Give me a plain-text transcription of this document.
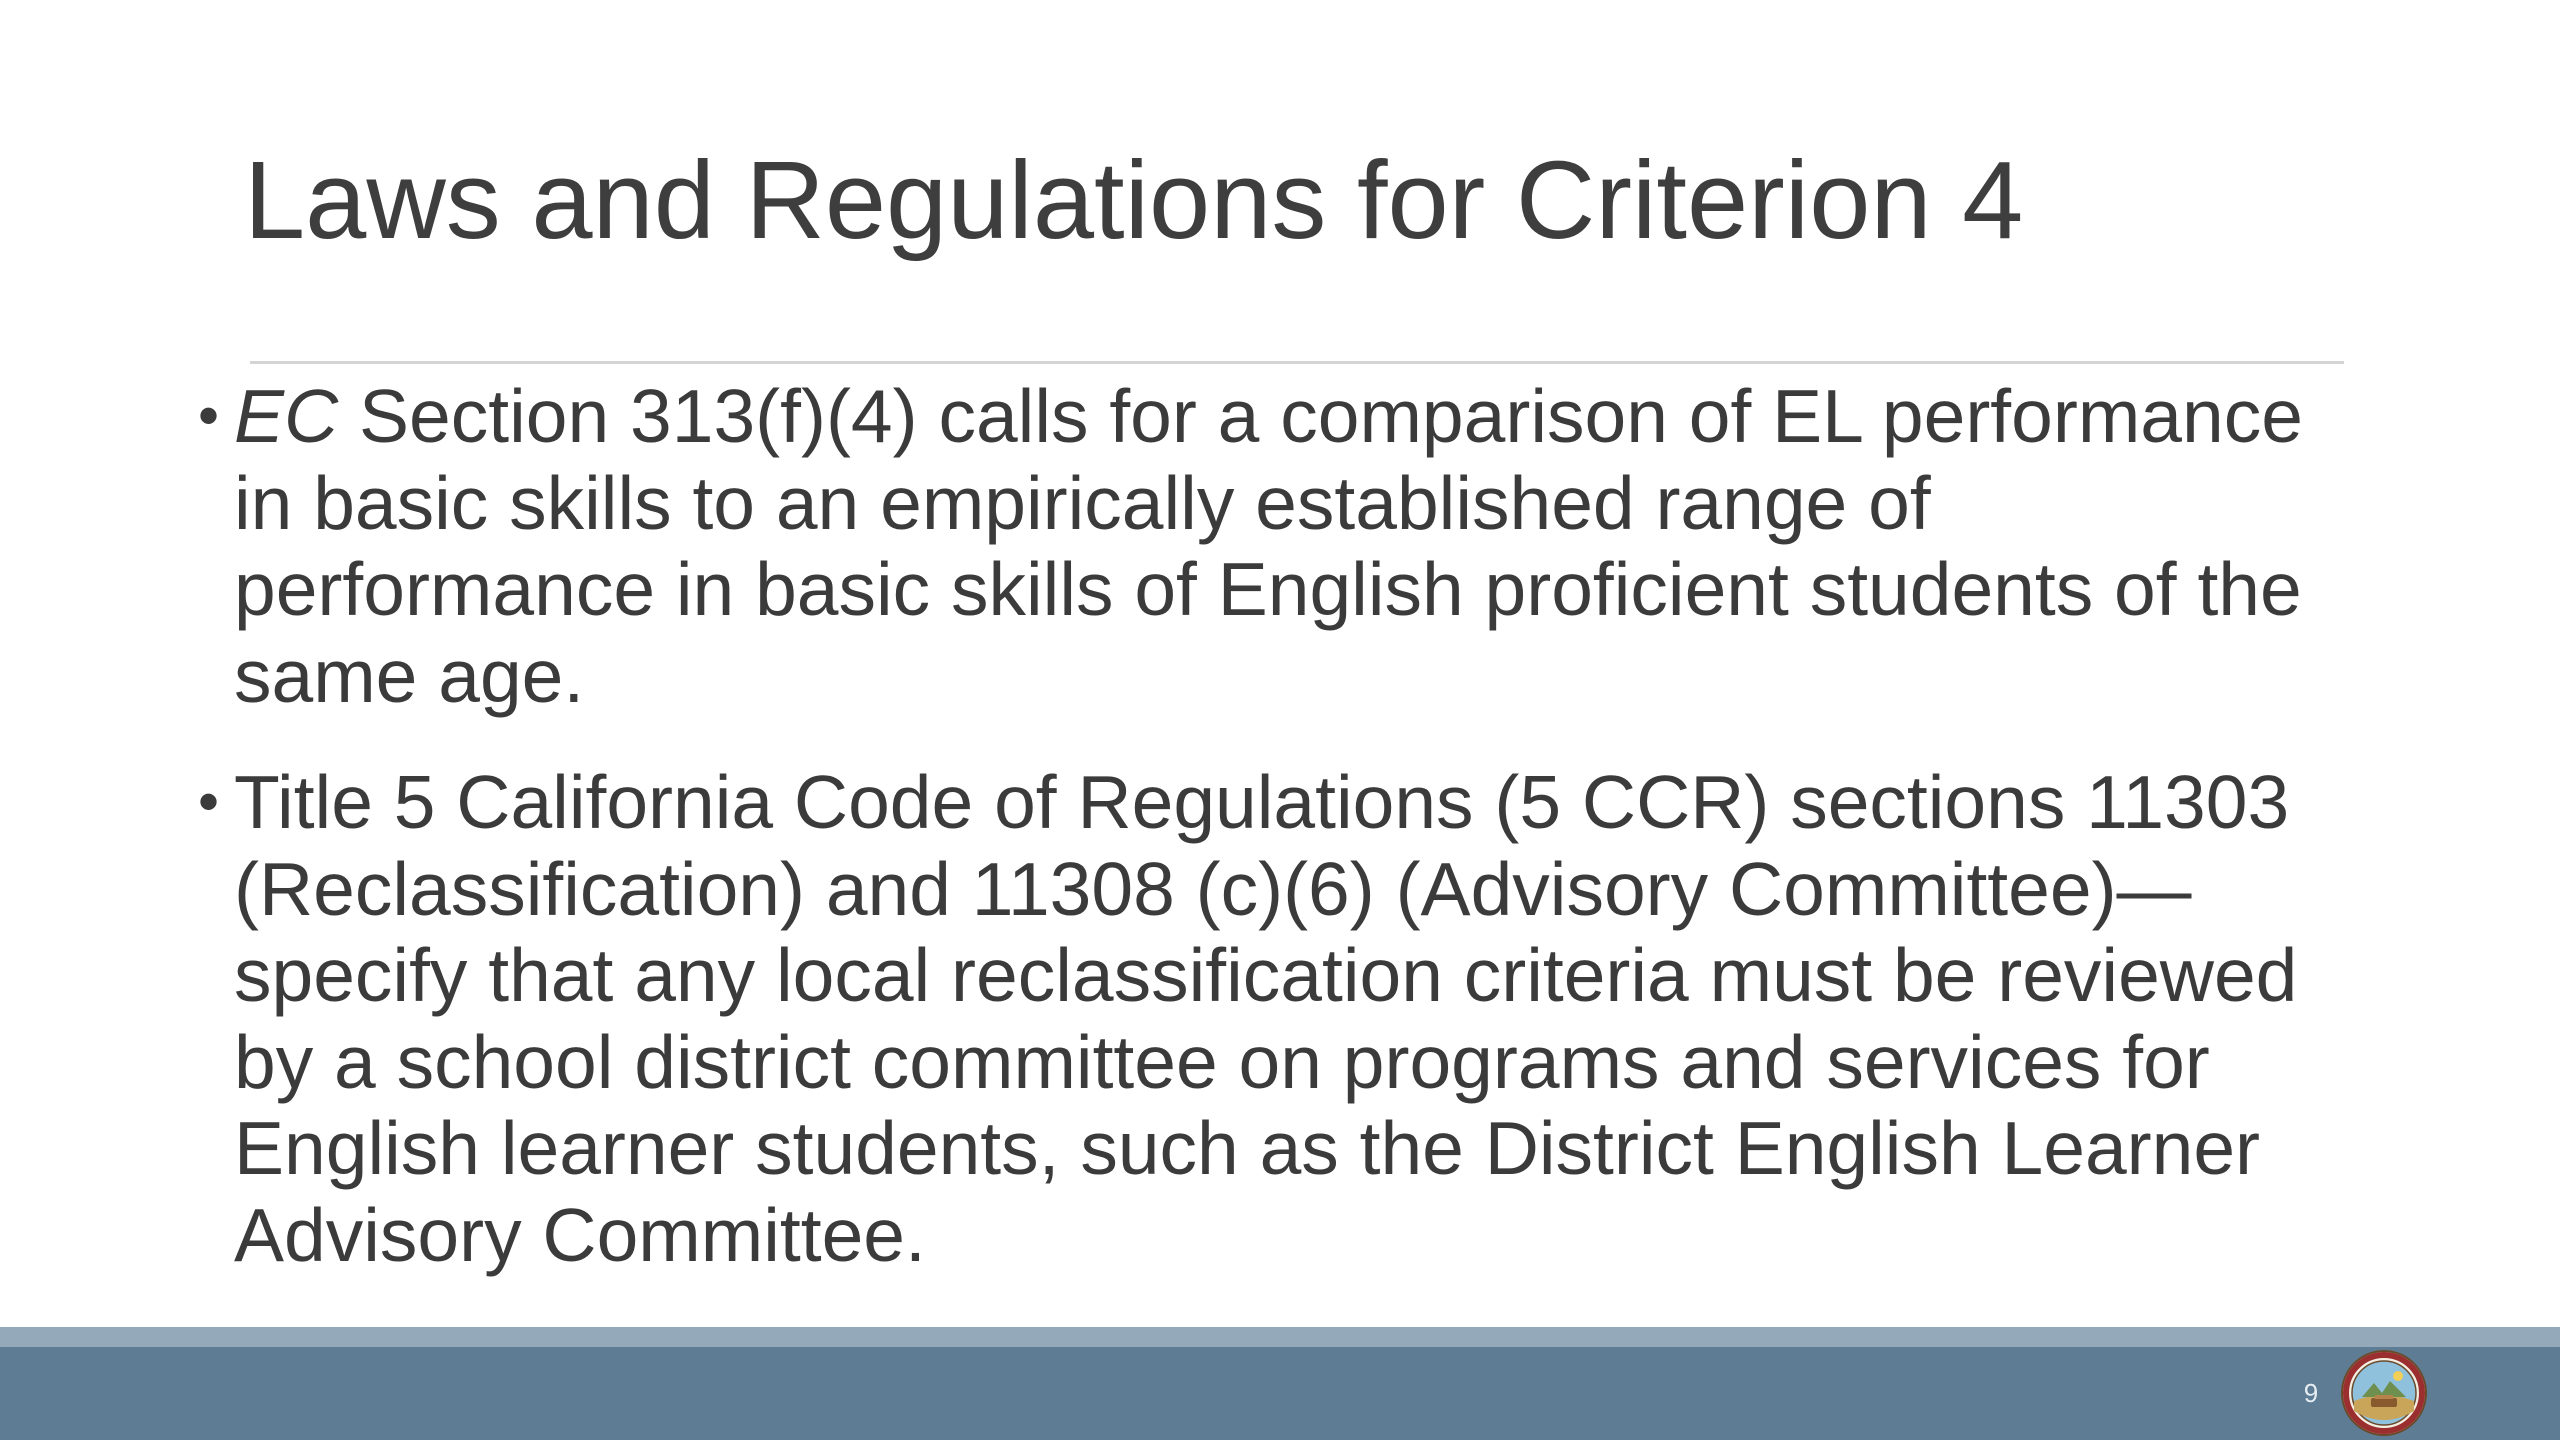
Laws and Regulations for Criterion 4
• EC Section 313(f)(4) calls for a comparison of EL performance in basic skills to an empirically established range of performance in basic skills of English proficient students of the same age.
• Title 5 California Code of Regulations (5 CCR) sections 11303 (Reclassification) and 11308 (c)(6) (Advisory Committee)—specify that any local reclassification criteria must be reviewed by a school district committee on programs and services for English learner students, such as the District English Learner Advisory Committee.
9
